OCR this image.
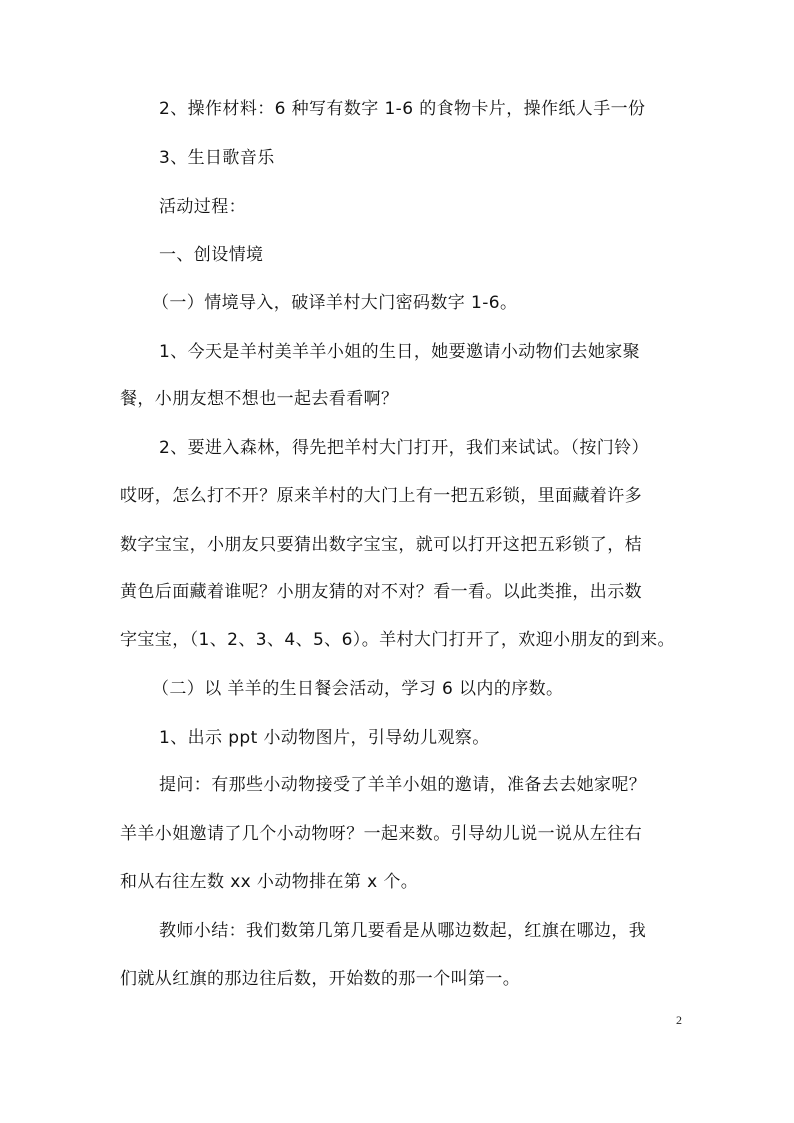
2、操作材料：6 种写有数字 1-6 的食物卡片，操作纸人手一份
3、生日歌音乐
活动过程：
一、创设情境
（一）情境导入，破译羊村大门密码数字 1-6。
1、今天是羊村美羊羊小姐的生日，她要邀请小动物们去她家聚
餐，小朋友想不想也一起去看看啊？
2、要进入森林，得先把羊村大门打开，我们来试试。（按门铃）
哎呀，怎么打不开？原来羊村的大门上有一把五彩锁，里面藏着许多
数字宝宝，小朋友只要猜出数字宝宝，就可以打开这把五彩锁了，桔
黄色后面藏着谁呢？小朋友猜的对不对？看一看。以此类推，出示数
字宝宝，（1、2、3、4、5、6）。羊村大门打开了，欢迎小朋友的到来。
（二）以 羊羊的生日餐会活动，学习 6 以内的序数。
1、出示 ppt 小动物图片，引导幼儿观察。
提问：有那些小动物接受了羊羊小姐的邀请，准备去去她家呢？
羊羊小姐邀请了几个小动物呀？一起来数。引导幼儿说一说从左往右
和从右往左数 xx 小动物排在第 x 个。
教师小结：我们数第几第几要看是从哪边数起，红旗在哪边，我
们就从红旗的那边往后数，开始数的那一个叫第一。
2
